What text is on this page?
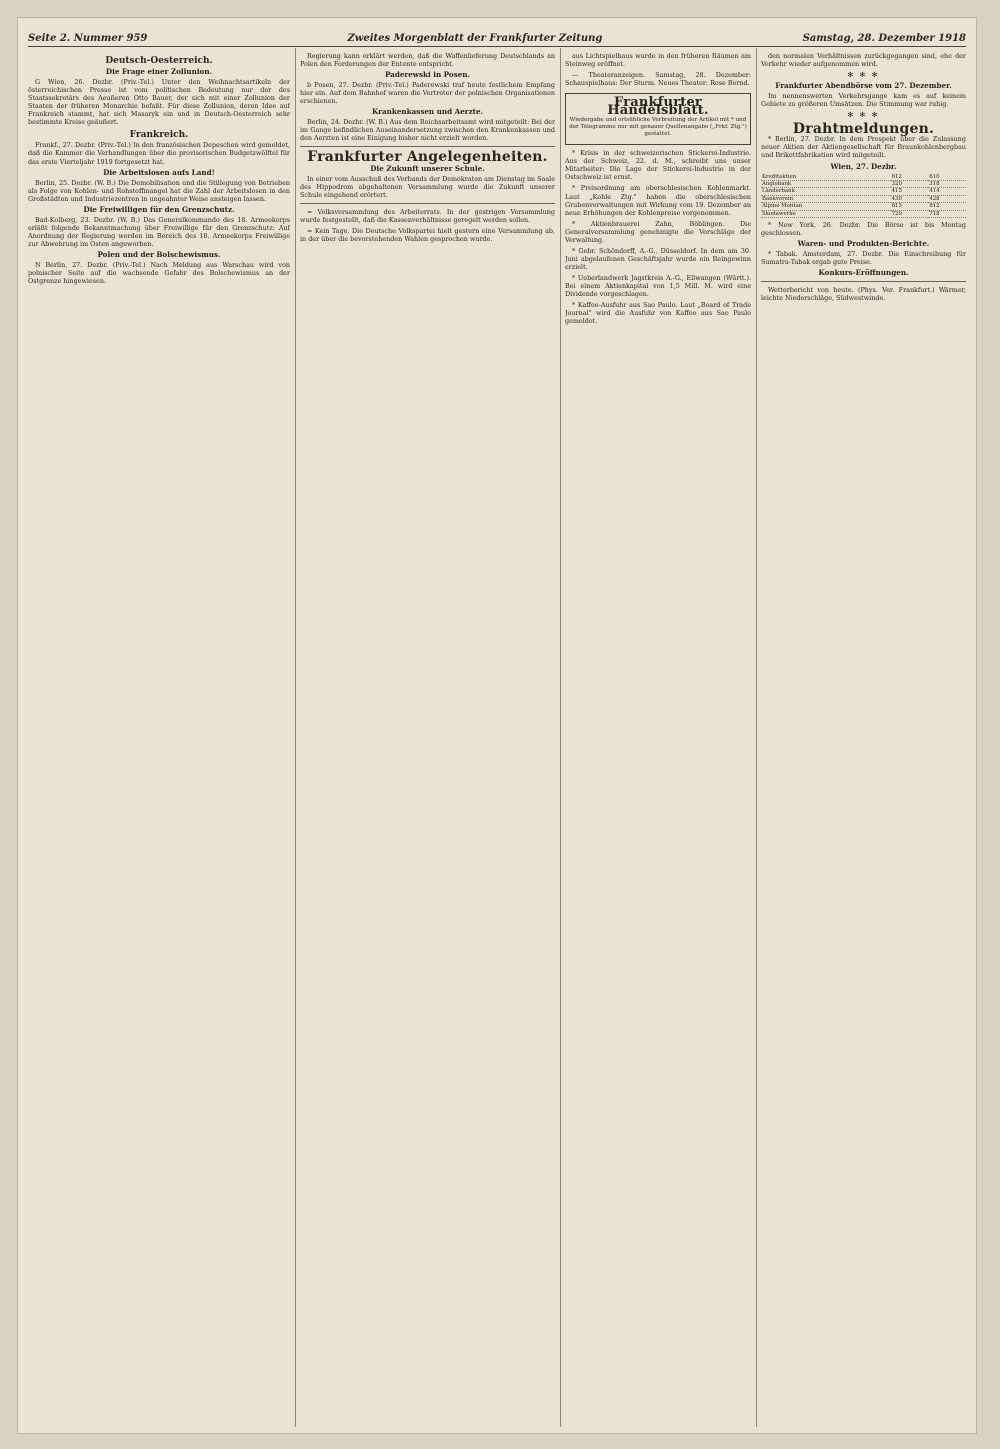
Seite 2. Nummer 959	Zweites Morgenblatt der Frankfurter Zeitung	Samstag, 28. Dezember 1918
Deutsch-Oesterreich.
Die Frage einer Zollunion.

G Wien, 26. Dezbr. (Priv.-Tel.) Unter den Weihnachtsartikeln der österreichischen Presse ist vom politischen Bedeutung nur der des Staatssekretärs des Aeußeren Otto Bauer, der sich mit einer Zollunion der Staaten der früheren Monarchie befaßt. Für diese Zollunion, deren Idee auf Frankreich stammt, hat sich Masaryk ein und in Deutsch-Oesterreich sehr bestimmte Kreise geäußert.

Frankreich.

Frankf., 27. Dezbr. (Priv.-Tel.) In den französischen Depeschen wird gemeldet, daß die Kammer die Verhandlungen über die provisorischen Budgetzwölftel für das erste Vierteljahr 1919 fortgesetzt hat.

Die Arbeitslosen aufs Land!

Berlin, 25. Dezbr. (W. B.) Die Demobilisation und die Stillegung von Betrieben als Folge von Kohlen- und Rohstoffmangel hat die Zahl der Arbeitslosen in den Großstädten und Industriezentren in ungeahnter Weise ansteigen lassen.

Die Freiwilligen für den Grenzschutz.

Bad-Kolberg, 23. Dezbr. (W. B.) Das Generalkommando des 18. Armeekorps erläßt folgende Bekanntmachung über Freiwillige für den Grenzschutz: Auf Anordnung der Regierung werden im Bereich des 18. Armeekorps Freiwillige zur Abwehrung im Osten angeworben.

Polen und der Bolschewismus.

N Berlin, 27. Dezbr. (Priv.-Tel.) Nach Meldung aus Warschau wird von polnischer Seite auf die wachsende Gefahr des Bolschewismus an der Ostgrenze hingewiesen.

Regierung kann erklärt werden, daß die Waffenlieferung Deutschlands an Polen den Forderungen der Entente entspricht.

Paderewski in Posen.

b Posen, 27. Dezbr. (Priv.-Tel.) Paderewski traf heute festlichem Empfang hier ein. Auf dem Bahnhof waren die Vertreter der polnischen Organisationen erschienen.

Krankenkassen und Aerzte.

Berlin, 24. Dezbr. (W. B.) Aus dem Reichsarbeitsamt wird mitgeteilt: Bei der im Gange befindlichen Auseinandersetzung zwischen den Krankenkassen und den Aerzten ist eine Einigung bisher nicht erzielt worden.

Frankfurter Angelegenheiten.
Die Zukunft unserer Schule.

In einer vom Ausschuß des Verbands der Demokraten am Dienstag im Saale des Hippodrom abgehaltenen Versammlung wurde die Zukunft unserer Schule eingehend erörtert.

= Volksversammlung des Arbeiterrats. In der gestrigen Versammlung wurde festgestellt, daß die Kassenverhältnisse geregelt werden sollen.

= Kein Tage. Die Deutsche Volkspartei hielt gestern eine Versammlung ab, in der über die bevorstehenden Wahlen gesprochen wurde.

aus Lichtspielhaus wurde in den früheren Räumen am Steinweg eröffnet.

— Theateranzeigen. Samstag, 28. Dezember: Schauspielhaus: Der Sturm. Neues Theater: Rose Bernd.

Frankfurter Handelsblatt.
Wiedergabe und ortsübliche Verbreitung der Artikel mit * und der Telegramme nur mit genauer Quellenangabe („Frkf. Ztg.") gestattet.

* Krisis in der schweizerischen Stickerei-Industrie. Aus der Schweiz, 22. d. M., schreibt uns unser Mitarbeiter: Die Lage der Stickerei-Industrie in der Ostschweiz ist ernst.

* Preisordnung am oberschlesischen Kohlenmarkt. Laut „Kohle Ztg." haben die oberschlesischen Grubenverwaltungen mit Wirkung vom 19. Dezember an neue Erhöhungen der Kohlenpreise vorgenommen.

* Aktienbrauerei Zahn, Böblingen. Die Generalversammlung genehmigte die Vorschläge der Verwaltung.

* Gebr. Schöndorff, A.-G., Düsseldorf. In dem am 30. Juni abgelaufenen Geschäftsjahr wurde ein Reingewinn erzielt.

* Ueberlandwerk Jagstkreis A.-G., Ellwangen (Württ.). Bei einem Aktienkapital von 1,5 Mill. M. wird eine Dividende vorgeschlagen.

* Kaffee-Ausfuhr aus Sao Paulo. Laut „Board of Trade Journal" wird die Ausfuhr von Kaffee aus Sao Paulo gemeldet.

den normalen Verhältnissen zurückgegangen sind, ehe der Verkehr wieder aufgenommen wird.

✻ ✻ ✻
Frankfurter Abendbörse vom 27. Dezember.

Im nennenswerten Verkehrsgange kam es auf keinem Gebiete zu größeren Umsätzen. Die Stimmung war ruhig.

✻ ✻ ✻
Drahtmeldungen.

* Berlin, 27. Dezbr. In dem Prospekt über die Zulassung neuer Aktien der Aktiengesellschaft für Braunkohlenbergbau und Brikettfabrikation wird mitgeteilt.

Wien, 27. Dezbr.
Kreditaktien	612	610
Anglobank	320	318
Länderbank	415	414
Bankverein	430	428
Alpine Montan	815	812
Skodawerke	720	718

* New York, 26. Dezbr. Die Börse ist bis Montag geschlossen.

Waren- und Produkten-Berichte.

* Tabak. Amsterdam, 27. Dezbr. Die Einschreibung für Sumatra-Tabak ergab gute Preise.

Konkurs-Eröffnungen.

Wetterbericht von heute. (Phys. Ver. Frankfurt.) Wärmer, leichte Niederschläge, Südwestwinde.
